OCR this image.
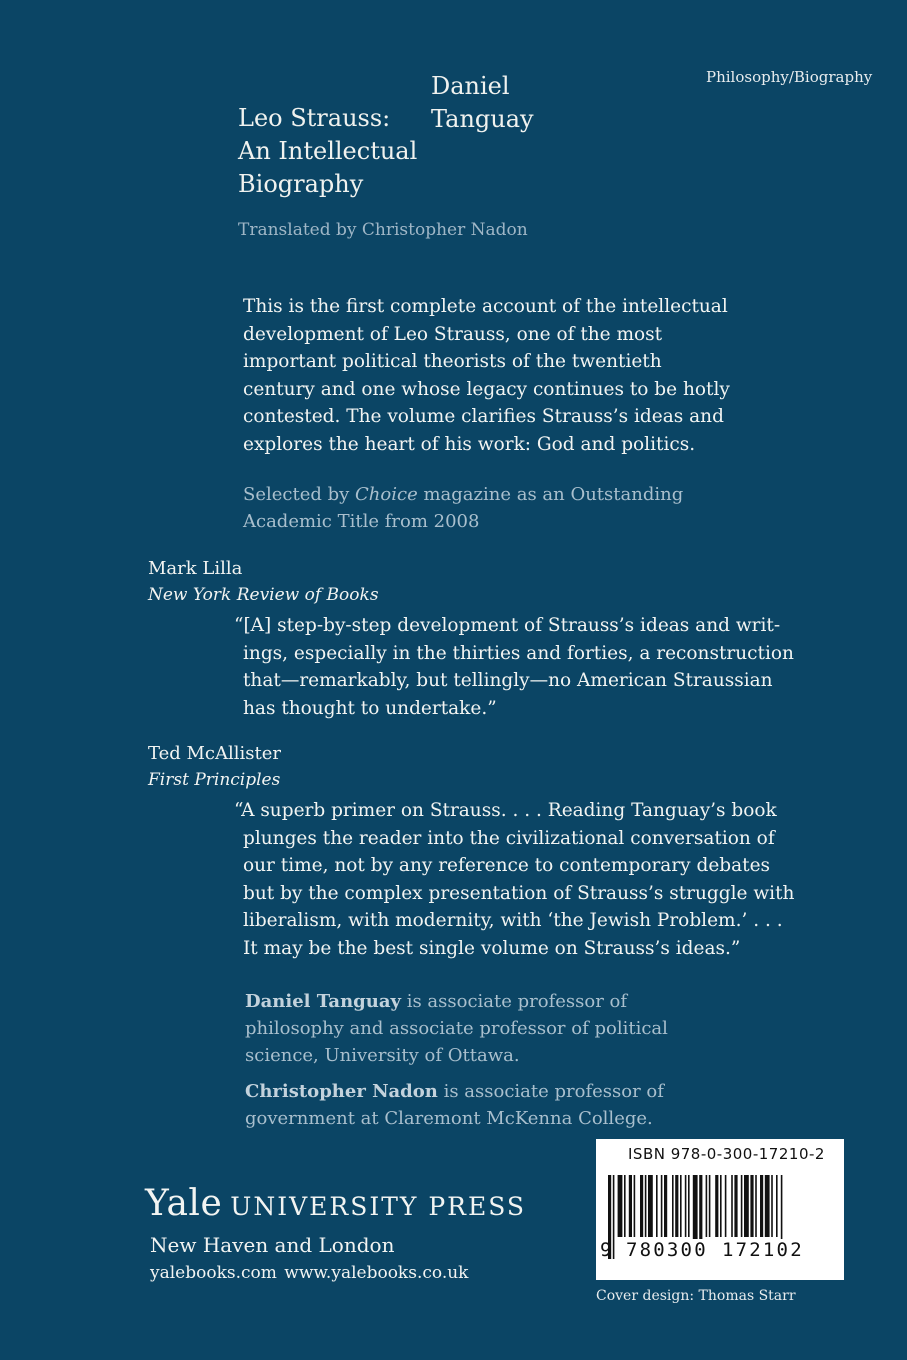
Philosophy/Biography
Leo Strauss:
An Intellectual
Biography
Daniel
Tanguay
Translated by Christopher Nadon
This is the first complete account of the intellectual development of Leo Strauss, one of the most important political theorists of the twentieth century and one whose legacy continues to be hotly contested. The volume clarifies Strauss’s ideas and explores the heart of his work: God and politics.
Selected by Choice magazine as an Outstanding Academic Title from 2008
Mark Lilla
New York Review of Books
“[A] step-by-step development of Strauss’s ideas and writ-
ings, especially in the thirties and forties, a reconstruction
that—remarkably, but tellingly—no American Straussian
has thought to undertake.”
Ted McAllister
First Principles
“A superb primer on Strauss. . . . Reading Tanguay’s book
plunges the reader into the civilizational conversation of
our time, not by any reference to contemporary debates
but by the complex presentation of Strauss’s struggle with
liberalism, with modernity, with ‘the Jewish Problem.’ . . .
It may be the best single volume on Strauss’s ideas.”
Daniel Tanguay is associate professor of philosophy and associate professor of political science, University of Ottawa.
Christopher Nadon is associate professor of government at Claremont McKenna College.
Yale UNIVERSITY PRESS
New Haven and London
yalebooks.com www.yalebooks.co.uk
ISBN 978-0-300-17210-2
9 780300 172102
Cover design: Thomas Starr
